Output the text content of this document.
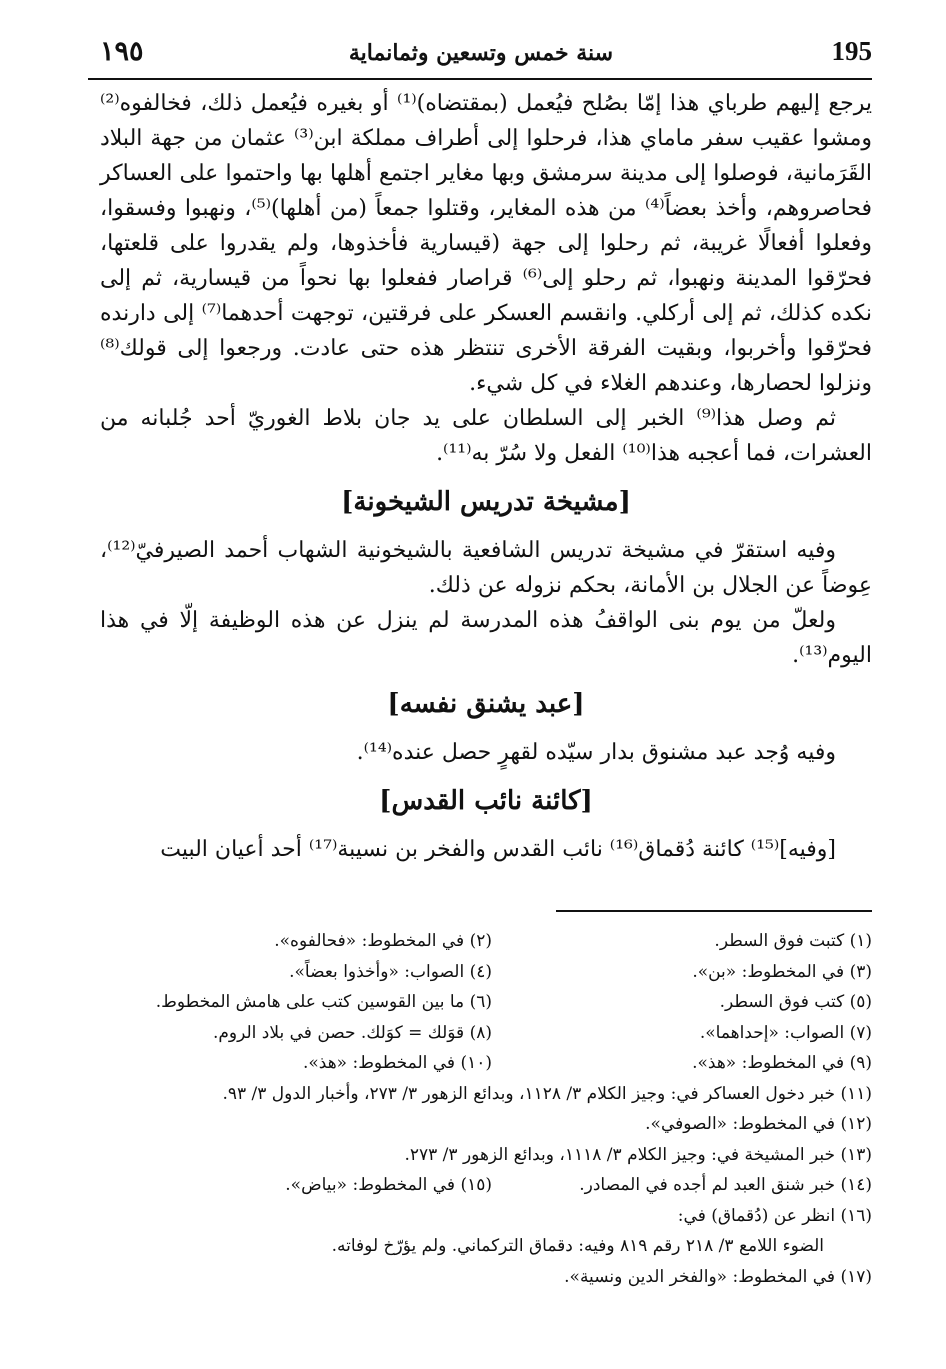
١٩٥	سنة خمس وتسعين وثمانماية	195

يرجع إليهم طرباي هذا إمّا بصُلح فيُعمل (بمقتضاه)⁽¹⁾ أو بغيره فيُعمل ذلك، فخالفوه⁽²⁾ ومشوا عقيب سفر ماماي هذا، فرحلوا إلى أطراف مملكة ابن⁽³⁾ عثمان من جهة البلاد القَرَمانية، فوصلوا إلى مدينة سرمشق وبها مغاير اجتمع أهلها بها واحتموا على العساكر فحاصروهم، وأخذ بعضاً⁽⁴⁾ من هذه المغاير، وقتلوا جمعاً (من أهلها)⁽⁵⁾، ونهبوا وفسقوا، وفعلوا أفعالًا غريبة، ثم رحلوا إلى جهة (قيسارية فأخذوها، ولم يقدروا على قلعتها، فحرّقوا المدينة ونهبوا، ثم رحلو إلى⁽⁶⁾ قراصار ففعلوا بها نحواً من قيسارية، ثم إلى نكده كذلك، ثم إلى أركلي. وانقسم العسكر على فرقتين، توجهت أحدهما⁽⁷⁾ إلى دارنده فحرّقوا وأخربوا، وبقيت الفرقة الأخرى تنتظر هذه حتى عادت. ورجعوا إلى قولك⁽⁸⁾ ونزلوا لحصارها، وعندهم الغلاء في كل شيء.

ثم وصل هذا⁽⁹⁾ الخبر إلى السلطان على يد جان بلاط الغوريّ أحد جُلبانه من العشرات، فما أعجبه هذا⁽¹⁰⁾ الفعل ولا سُرّ به⁽¹¹⁾.

[مشيخة تدريس الشيخونة]

وفيه استقرّ في مشيخة تدريس الشافعية بالشيخونية الشهاب أحمد الصيرفيّ⁽¹²⁾، عِوضاً عن الجلال بن الأمانة، بحكم نزوله عن ذلك.

ولعلّ من يوم بنى الواقفُ هذه المدرسة لم ينزل عن هذه الوظيفة إلّا في هذا اليوم⁽¹³⁾.

[عبد يشنق نفسه]

وفيه وُجد عبد مشنوق بدار سيّده لقهرٍ حصل عنده⁽¹⁴⁾.

[كائنة نائب القدس]

[وفيه]⁽¹⁵⁾ كائنة دُقماق⁽¹⁶⁾ نائب القدس والفخر بن نسيبة⁽¹⁷⁾ أحد أعيان البيت

(١) كتبت فوق السطر.
(٢) في المخطوط: «فحالفوه».
(٣) في المخطوط: «بن».
(٤) الصواب: «وأخذوا بعضاً».
(٥) كتب فوق السطر.
(٦) ما بين القوسين كتب على هامش المخطوط.
(٧) الصواب: «إحداهما».
(٨) قوَلك = كوَلك. حصن في بلاد الروم.
(٩) في المخطوط: «هذ».
(١٠) في المخطوط: «هذ».
(١١) خبر دخول العساكر في: وجيز الكلام ٣/ ١١٢٨، وبدائع الزهور ٣/ ٢٧٣، وأخبار الدول ٣/ ٩٣.
(١٢) في المخطوط: «الصوفي».
(١٣) خبر المشيخة في: وجيز الكلام ٣/ ١١١٨، وبدائع الزهور ٣/ ٢٧٣.
(١٤) خبر شنق العبد لم أجده في المصادر.
(١٥) في المخطوط: «بياض».
(١٦) انظر عن (دُقماق) في:
الضوء اللامع ٣/ ٢١٨ رقم ٨١٩ وفيه: دقماق التركماني. ولم يؤرّخ لوفاته.
(١٧) في المخطوط: «والفخر الدين ونسية».
